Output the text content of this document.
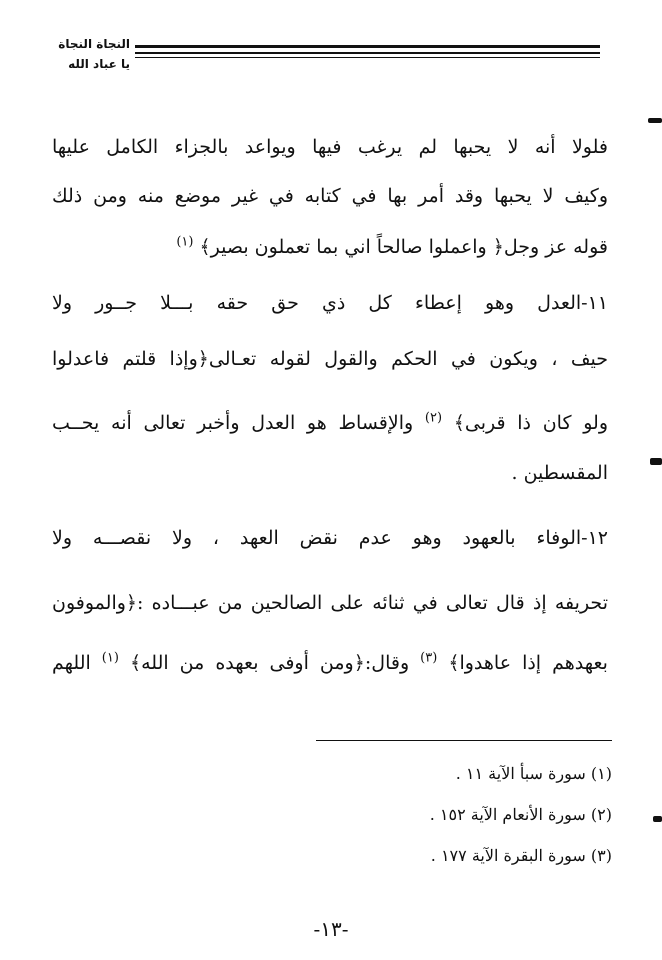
النجاة النجاة
يا عباد الله
فلولا أنه لا يحبها لم يرغب فيها ويواعد بالجزاء الكامل عليها
وكيف لا يحبها وقد أمر بها في كتابه في غير موضع منه ومن ذلك
قوله عز وجل﴿ واعملوا صالحاً اني بما تعملون بصير﴾ $^{(١)}$
١١-العدل وهو إعطاء كل ذي حق حقه بـــلا جــور ولا
حيف ، ويكون في الحكم والقول لقوله تعـالى﴿وإذا قلتم فاعدلوا
ولو كان ذا قربى﴾ $^{(٢)}$ والإقساط هو العدل وأخبر تعالى أنه يحــب
المقسطين .
١٢-الوفاء بالعهود وهو عدم نقض العهد ، ولا نقصـــه ولا
تحريفه إذ قال تعالى في ثنائه على الصالحين من عبـــاده :﴿والموفون
بعهدهم إذا عاهدوا﴾ $^{(٣)}$ وقال:﴿ومن أوفى بعهده من الله﴾ $^{(١)}$ اللهم
(١) سورة سبأ الآية ١١ .
(٢) سورة الأنعام الآية ١٥٢ .
(٣) سورة البقرة الآية ١٧٧ .
-١٣-
